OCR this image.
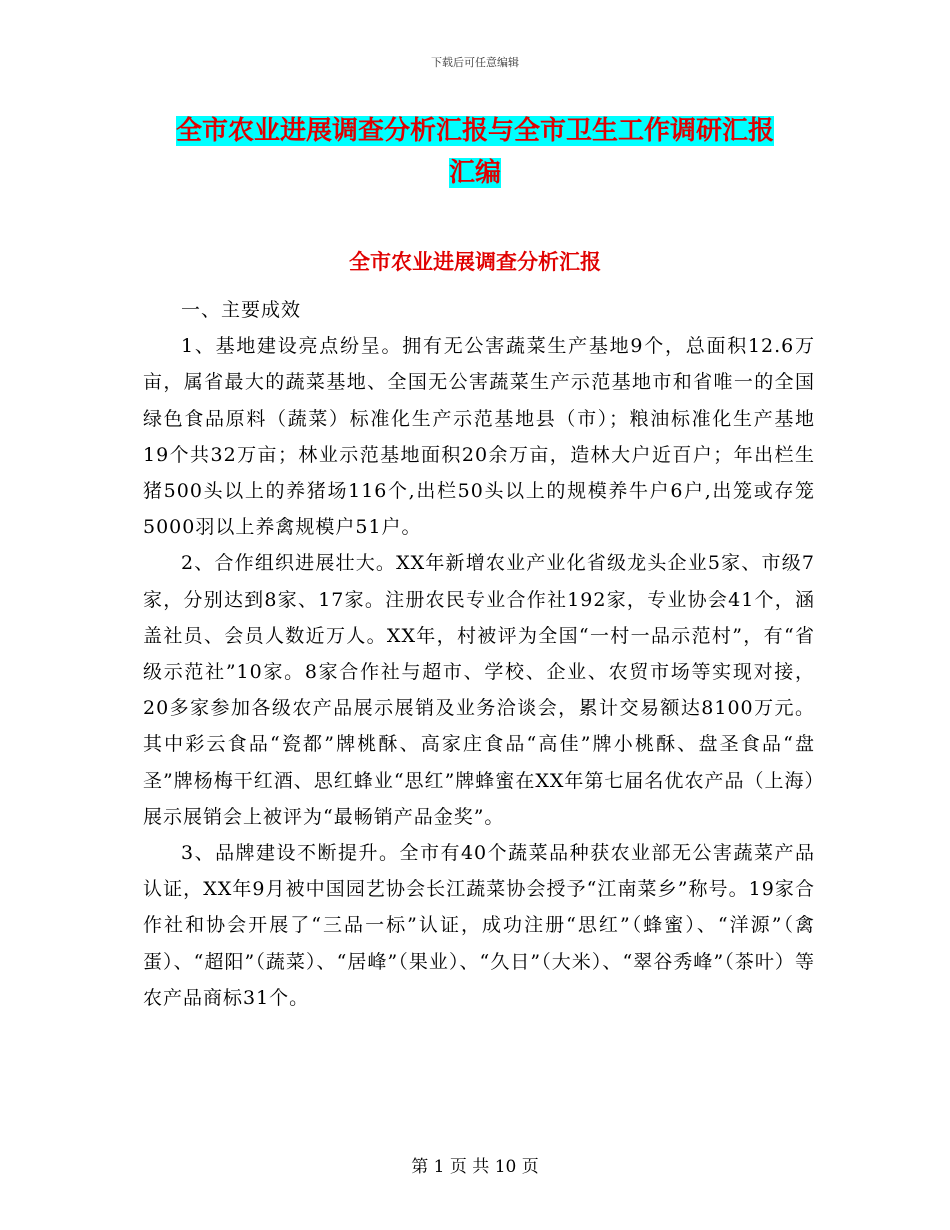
下载后可任意编辑
全市农业进展调查分析汇报与全市卫生工作调研汇报
汇编
全市农业进展调查分析汇报

一、主要成效

1、基地建设亮点纷呈。拥有无公害蔬菜生产基地9个，总面积12.6万亩，属省最大的蔬菜基地、全国无公害蔬菜生产示范基地市和省唯一的全国绿色食品原料（蔬菜）标准化生产示范基地县（市）；粮油标准化生产基地19个共32万亩；林业示范基地面积20余万亩，造林大户近百户；年出栏生猪500头以上的养猪场116个,出栏50头以上的规模养牛户6户,出笼或存笼5000羽以上养禽规模户51户。

2、合作组织进展壮大。XX年新增农业产业化省级龙头企业5家、市级7家，分别达到8家、17家。注册农民专业合作社192家，专业协会41个，涵盖社员、会员人数近万人。XX年，村被评为全国“一村一品示范村”，有“省级示范社”10家。8家合作社与超市、学校、企业、农贸市场等实现对接，20多家参加各级农产品展示展销及业务洽谈会，累计交易额达8100万元。其中彩云食品“瓷都”牌桃酥、高家庄食品“高佳”牌小桃酥、盘圣食品“盘圣”牌杨梅干红酒、思红蜂业“思红”牌蜂蜜在XX年第七届名优农产品（上海）展示展销会上被评为“最畅销产品金奖”。

3、品牌建设不断提升。全市有40个蔬菜品种获农业部无公害蔬菜产品认证，XX年9月被中国园艺协会长江蔬菜协会授予“江南菜乡”称号。19家合作社和协会开展了“三品一标”认证，成功注册“思红”（蜂蜜）、“洋源”（禽蛋）、“超阳”（蔬菜）、“居峰”（果业）、“久日”（大米）、“翠谷秀峰”（茶叶）等农产品商标31个。

第 1 页 共 10 页
